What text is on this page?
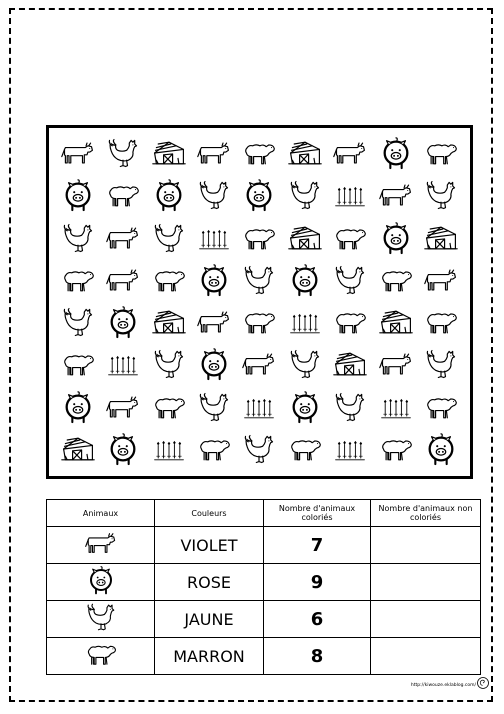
Animaux	Couleurs	Nombre d'animaux coloriés	Nombre d'animaux non coloriés
	VIOLET	7	
	ROSE	9	
	JAUNE	6	
	MARRON	8	
http://kiwouze.eklablog.com/
